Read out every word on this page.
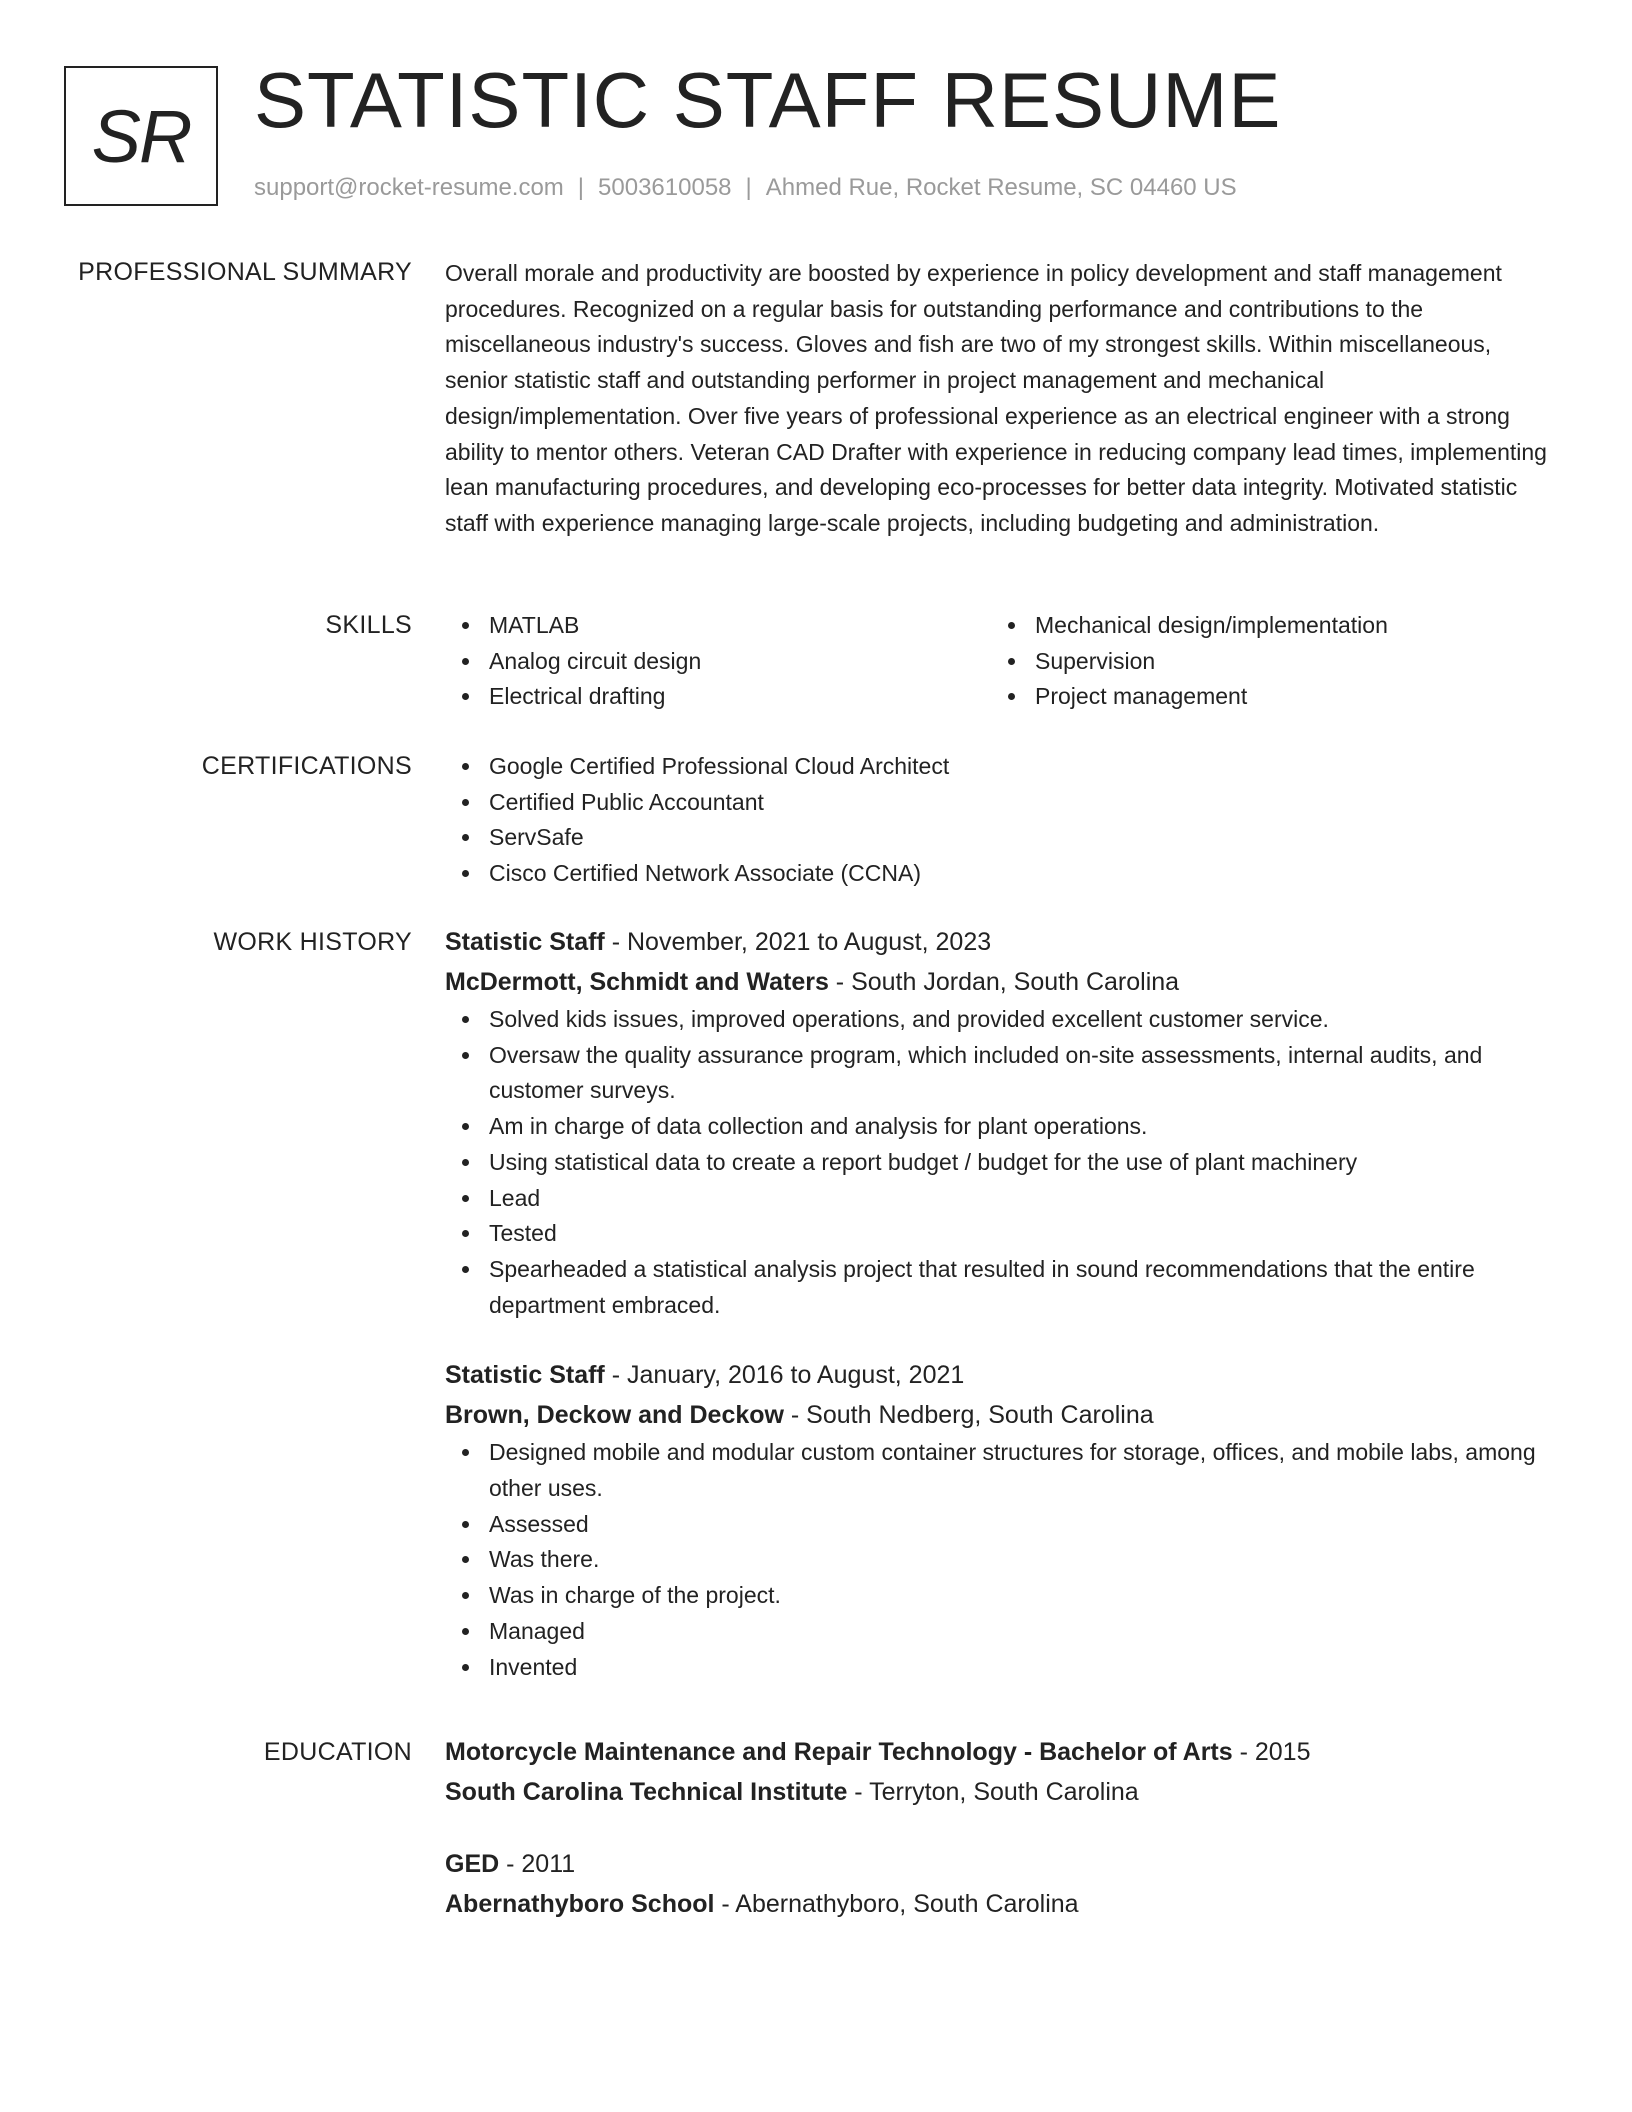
SR STATISTIC STAFF RESUME
support@rocket-resume.com | 5003610058 | Ahmed Rue, Rocket Resume, SC 04460 US
PROFESSIONAL SUMMARY Overall morale and productivity are boosted by experience in policy development and staff management procedures. Recognized on a regular basis for outstanding performance and contributions to the miscellaneous industry's success. Gloves and fish are two of my strongest skills. Within miscellaneous, senior statistic staff and outstanding performer in project management and mechanical design/implementation. Over five years of professional experience as an electrical engineer with a strong ability to mentor others. Veteran CAD Drafter with experience in reducing company lead times, implementing lean manufacturing procedures, and developing eco-processes for better data integrity. Motivated statistic staff with experience managing large-scale projects, including budgeting and administration.

SKILLS	MATLAB
Analog circuit design
Electrical drafting
Mechanical design/implementation
Supervision
Project management
CERTIFICATIONS	Google Certified Professional Cloud Architect
Certified Public Accountant
ServSafe
Cisco Certified Network Associate (CCNA)
WORK HISTORY Statistic Staff - November, 2021 to August, 2023
McDermott, Schmidt and Waters - South Jordan, South Carolina
Solved kids issues, improved operations, and provided excellent customer service.
Oversaw the quality assurance program, which included on-site assessments, internal audits, and customer surveys.
Am in charge of data collection and analysis for plant operations.
Using statistical data to create a report budget / budget for the use of plant machinery
Lead
Tested
Spearheaded a statistical analysis project that resulted in sound recommendations that the entire department embraced.
Statistic Staff - January, 2016 to August, 2021
Brown, Deckow and Deckow - South Nedberg, South Carolina
Designed mobile and modular custom container structures for storage, offices, and mobile labs, among other uses.
Assessed
Was there.
Was in charge of the project.
Managed
Invented
EDUCATION Motorcycle Maintenance and Repair Technology - Bachelor of Arts - 2015
South Carolina Technical Institute - Terryton, South Carolina
GED - 2011
Abernathyboro School - Abernathyboro, South Carolina
